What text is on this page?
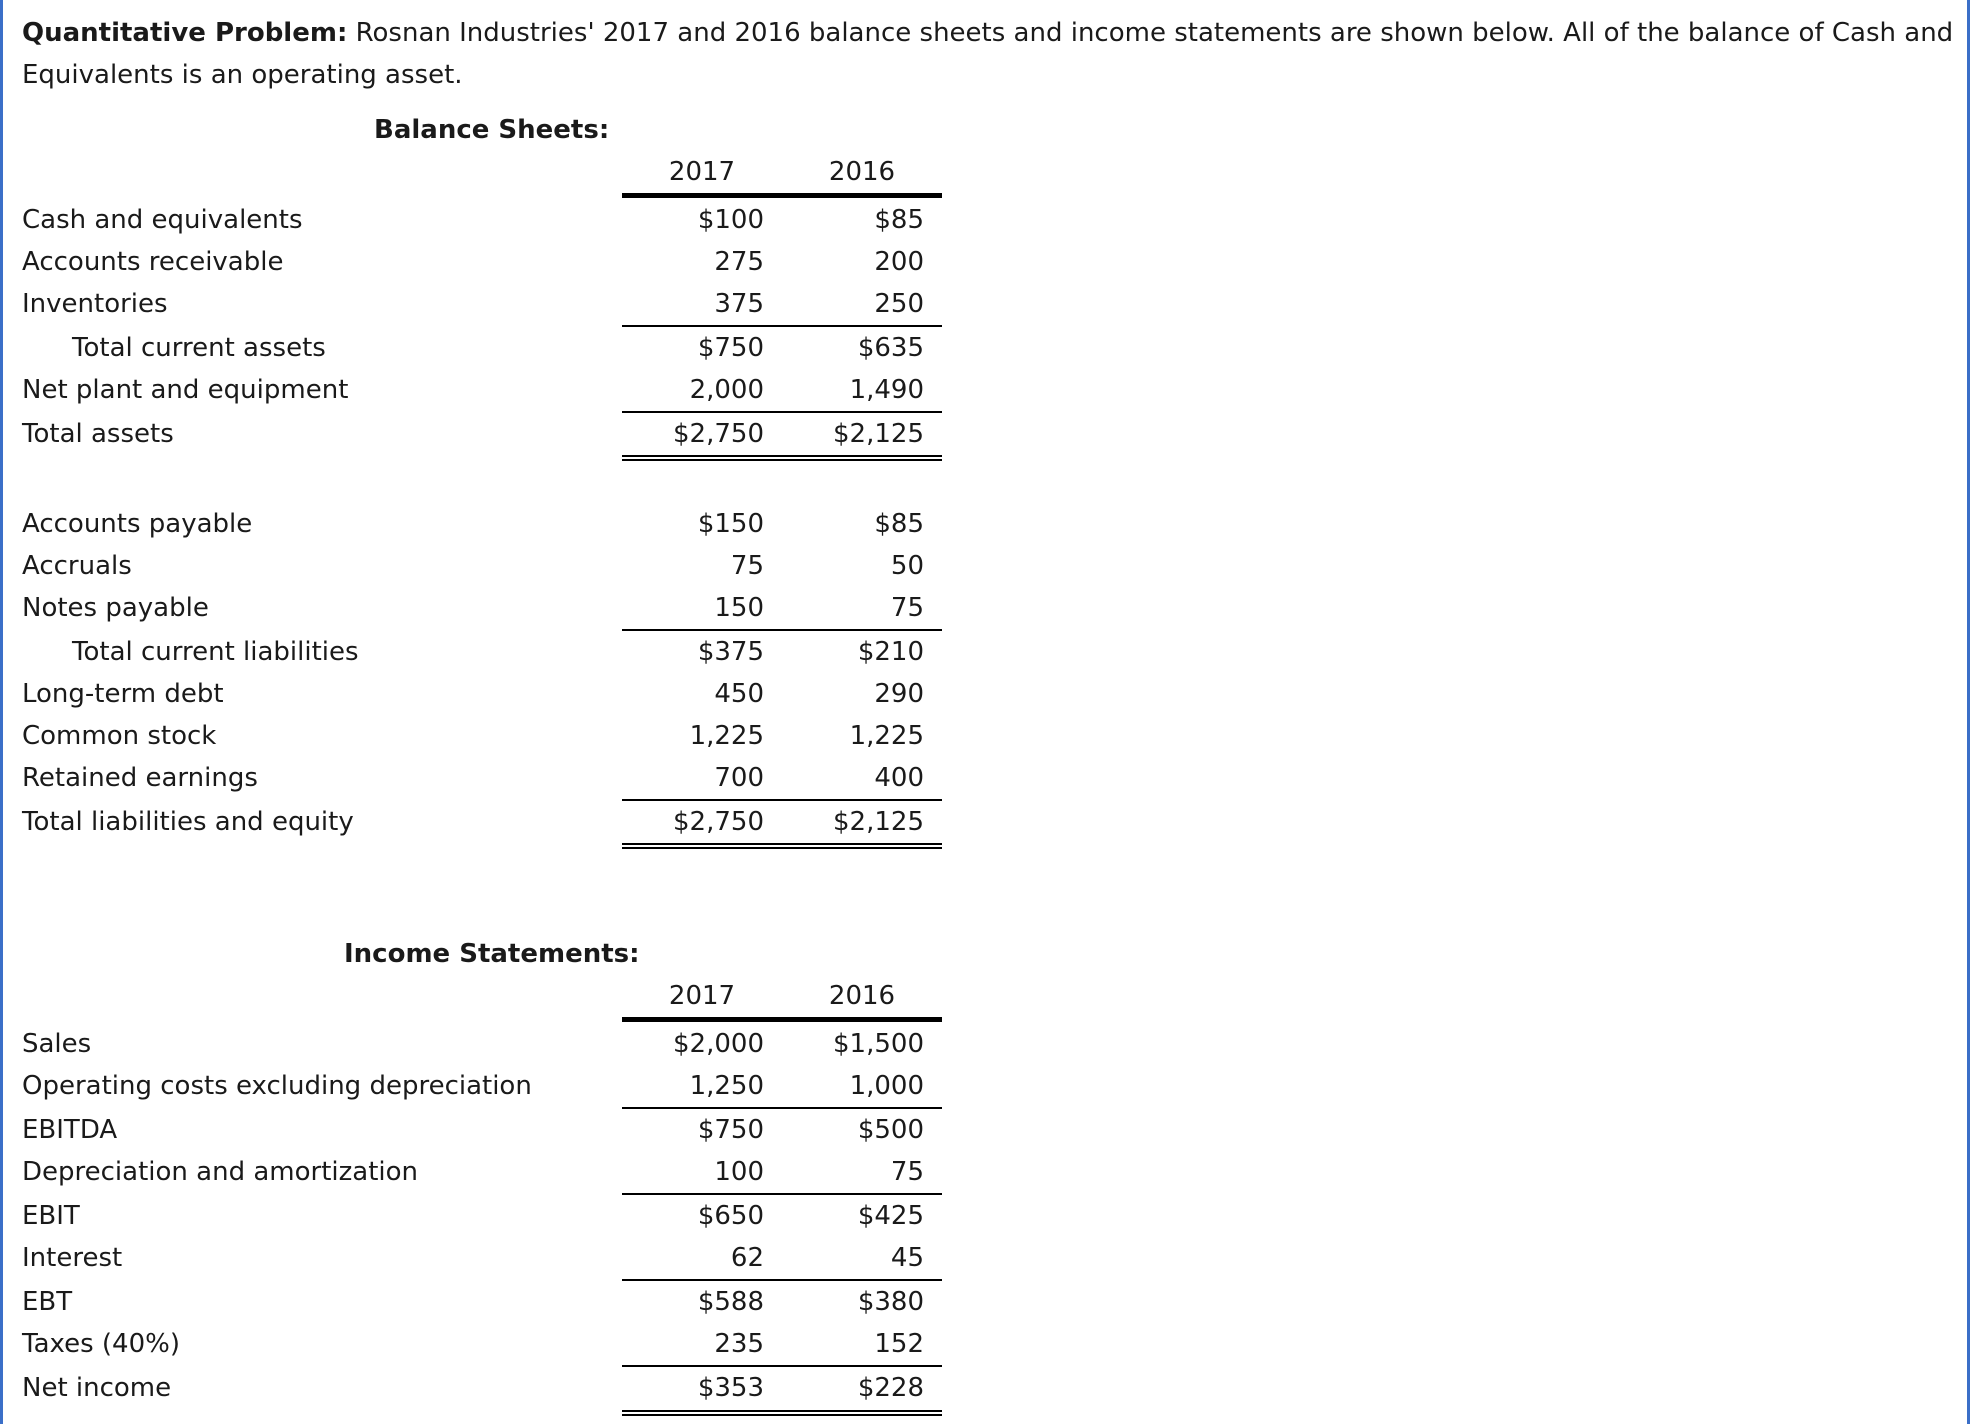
Quantitative Problem: Rosnan Industries' 2017 and 2016 balance sheets and income statements are shown below. All of the balance of Cash and Equivalents is an operating asset.
Balance Sheets:
2017	2016
Cash and equivalents	$100	$85
Accounts receivable	275	200
Inventories	375	250
Total current assets	$750	$635
Net plant and equipment	2,000	1,490
Total assets	$2,750	$2,125
Accounts payable	$150	$85
Accruals	75	50
Notes payable	150	75
Total current liabilities	$375	$210
Long-term debt	450	290
Common stock	1,225	1,225
Retained earnings	700	400
Total liabilities and equity	$2,750	$2,125
Income Statements:
2017	2016
Sales	$2,000	$1,500
Operating costs excluding depreciation	1,250	1,000
EBITDA	$750	$500
Depreciation and amortization	100	75
EBIT	$650	$425
Interest	62	45
EBT	$588	$380
Taxes (40%)	235	152
Net income	$353	$228
